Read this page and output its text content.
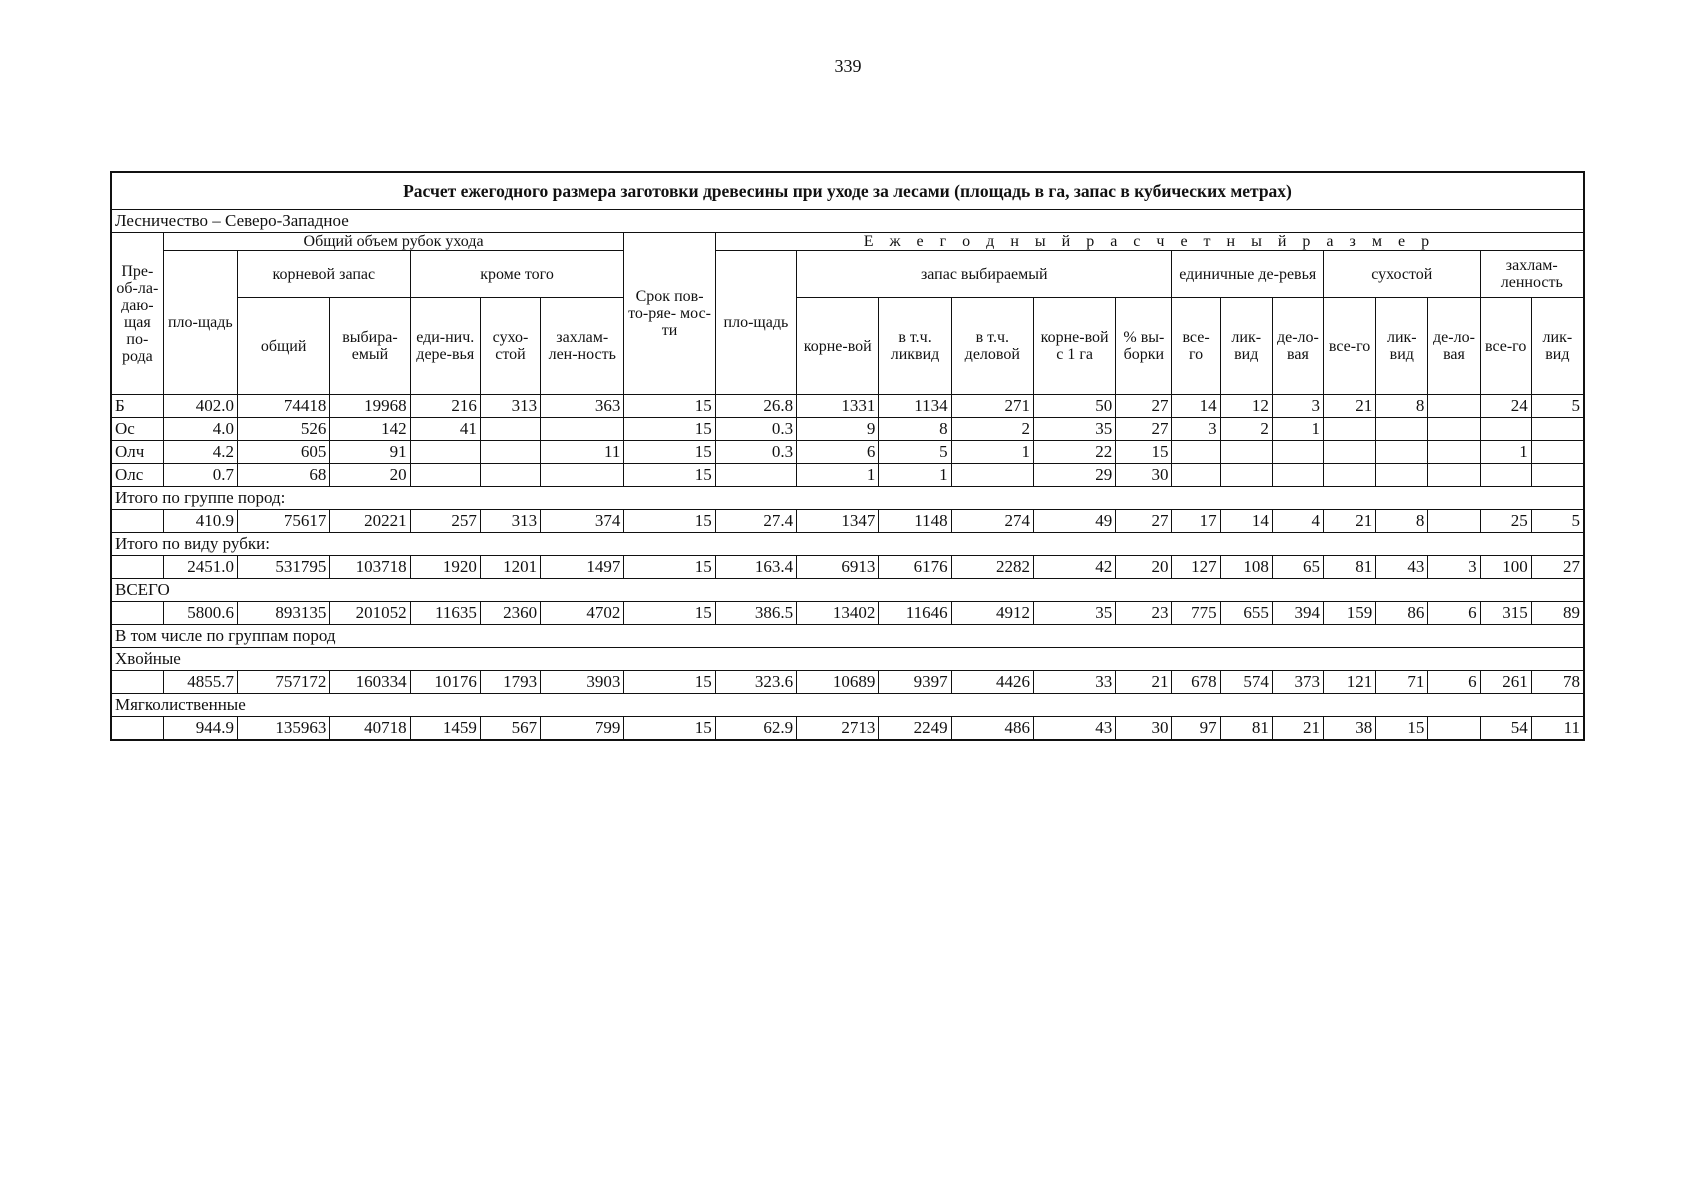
339
Расчет ежегодного размера заготовки древесины при уходе за лесами (площадь в га, запас в кубических метрах)																					
Лесничество – Северо-Западное																					
Пре-об-ла-даю-щая по-рода	Общий объем рубок ухода						Срок пов- то-ряе- мос-ти	Е ж е г о д н ы й р а с ч е т н ы й р а з м е р													
	пло-щадь	корневой запас		кроме того				пло-щадь	запас выбираемый					единичные де-ревья			сухостой			захлам-ленность	
		общий	выбира-емый	еди-нич. дере-вья	сухо-стой	захлам-лен-ность			корне-вой	в т.ч. ликвид	в т.ч. деловой	корне-вой с 1 га	% вы-борки	все-го	лик-вид	де-ло-вая	все-го	лик-вид	де-ло-вая	все-го	лик-вид

Б	402.0	74418	19968	216	313	363	15	26.8	1331	1134	271	50	27	14	12	3	21	8		24	5
Ос	4.0	526	142	41			15	0.3	9	8	2	35	27	3	2	1					
Олч	4.2	605	91			11	15	0.3	6	5	1	22	15							1	
Олс	0.7	68	20				15		1	1		29	30								
Итого по группе пород:																					
	410.9	75617	20221	257	313	374	15	27.4	1347	1148	274	49	27	17	14	4	21	8		25	5
Итого по виду рубки:																					
	2451.0	531795	103718	1920	1201	1497	15	163.4	6913	6176	2282	42	20	127	108	65	81	43	3	100	27
ВСЕГО																					
	5800.6	893135	201052	11635	2360	4702	15	386.5	13402	11646	4912	35	23	775	655	394	159	86	6	315	89
В том числе по группам пород																					
Хвойные																					
	4855.7	757172	160334	10176	1793	3903	15	323.6	10689	9397	4426	33	21	678	574	373	121	71	6	261	78
Мягколиственные																					
	944.9	135963	40718	1459	567	799	15	62.9	2713	2249	486	43	30	97	81	21	38	15		54	11
